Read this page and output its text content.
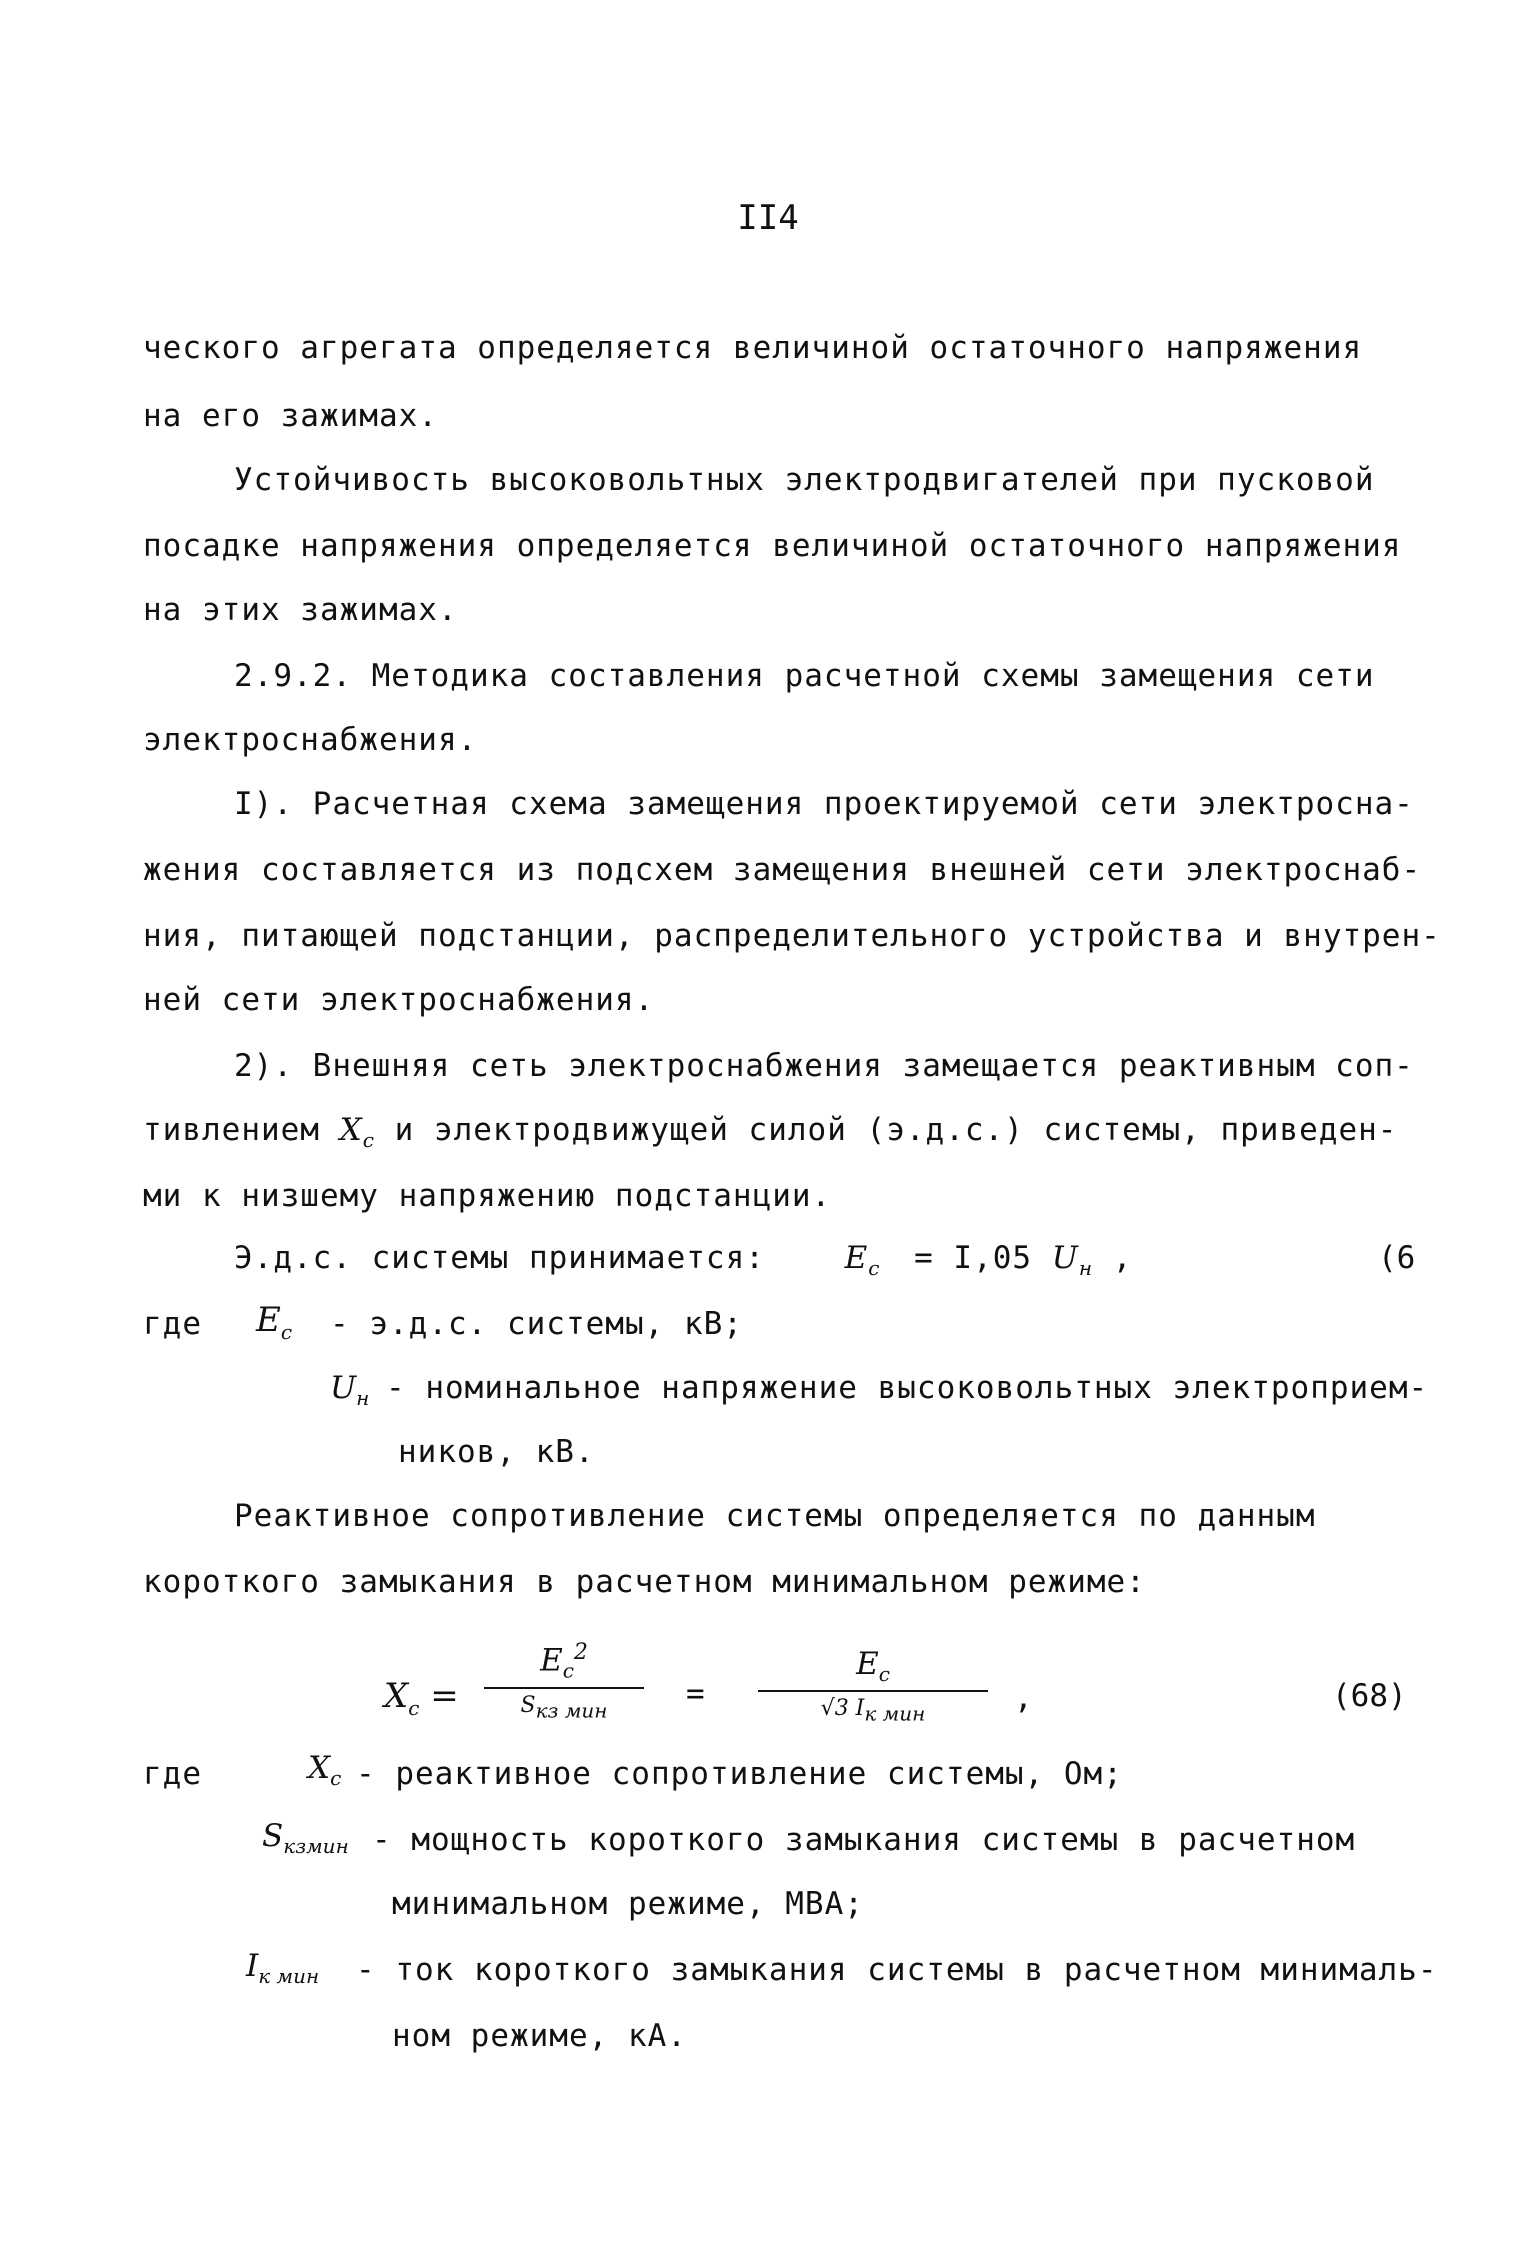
II4
ческого агрегата определяется величиной остаточного напряжения
на его зажимах.
Устойчивость высоковольтных электродвигателей при пусковой
посадке напряжения определяется величиной остаточного напряжения
на этих зажимах.
2.9.2. Методика составления расчетной схемы замещения сети
электроснабжения.
I). Расчетная схема замещения проектируемой сети электросна-
жения составляется из подсхем замещения внешней сети электроснаб-
ния, питающей подстанции, распределительного устройства и внутрен-
ней сети электроснабжения.
2). Внешняя сеть электроснабжения замещается реактивным соп-
тивлением $X_c$ и электродвижущей силой (э.д.с.) системы, приведен-
ми к низшему напряжению подстанции.
Э.д.с. системы принимается:	$E_c = I,05$ $U_н$ ,	(6
где $E_c - э.д.с$. системы, кВ;
$U_н$ - номинальное напряжение высоковольтных электроприем-
ников, кВ.
Реактивное сопротивление системы определяется по данным
короткого замыкания в расчетном минимальном режиме:
$X_c$ =
$E_c^2$
$S_{кз мин}$	=
$E_c$
√3 $I_{к мин}$	,	(68)
где	$X_c$ - реактивное сопротивление системы, Ом;
$S_{кзмин}$ - мощность короткого замыкания системы в расчетном
минимальном режиме, МВА;
$I_{к мин}$ - ток короткого замыкания системы в расчетном минималь-
ном режиме, кА.
